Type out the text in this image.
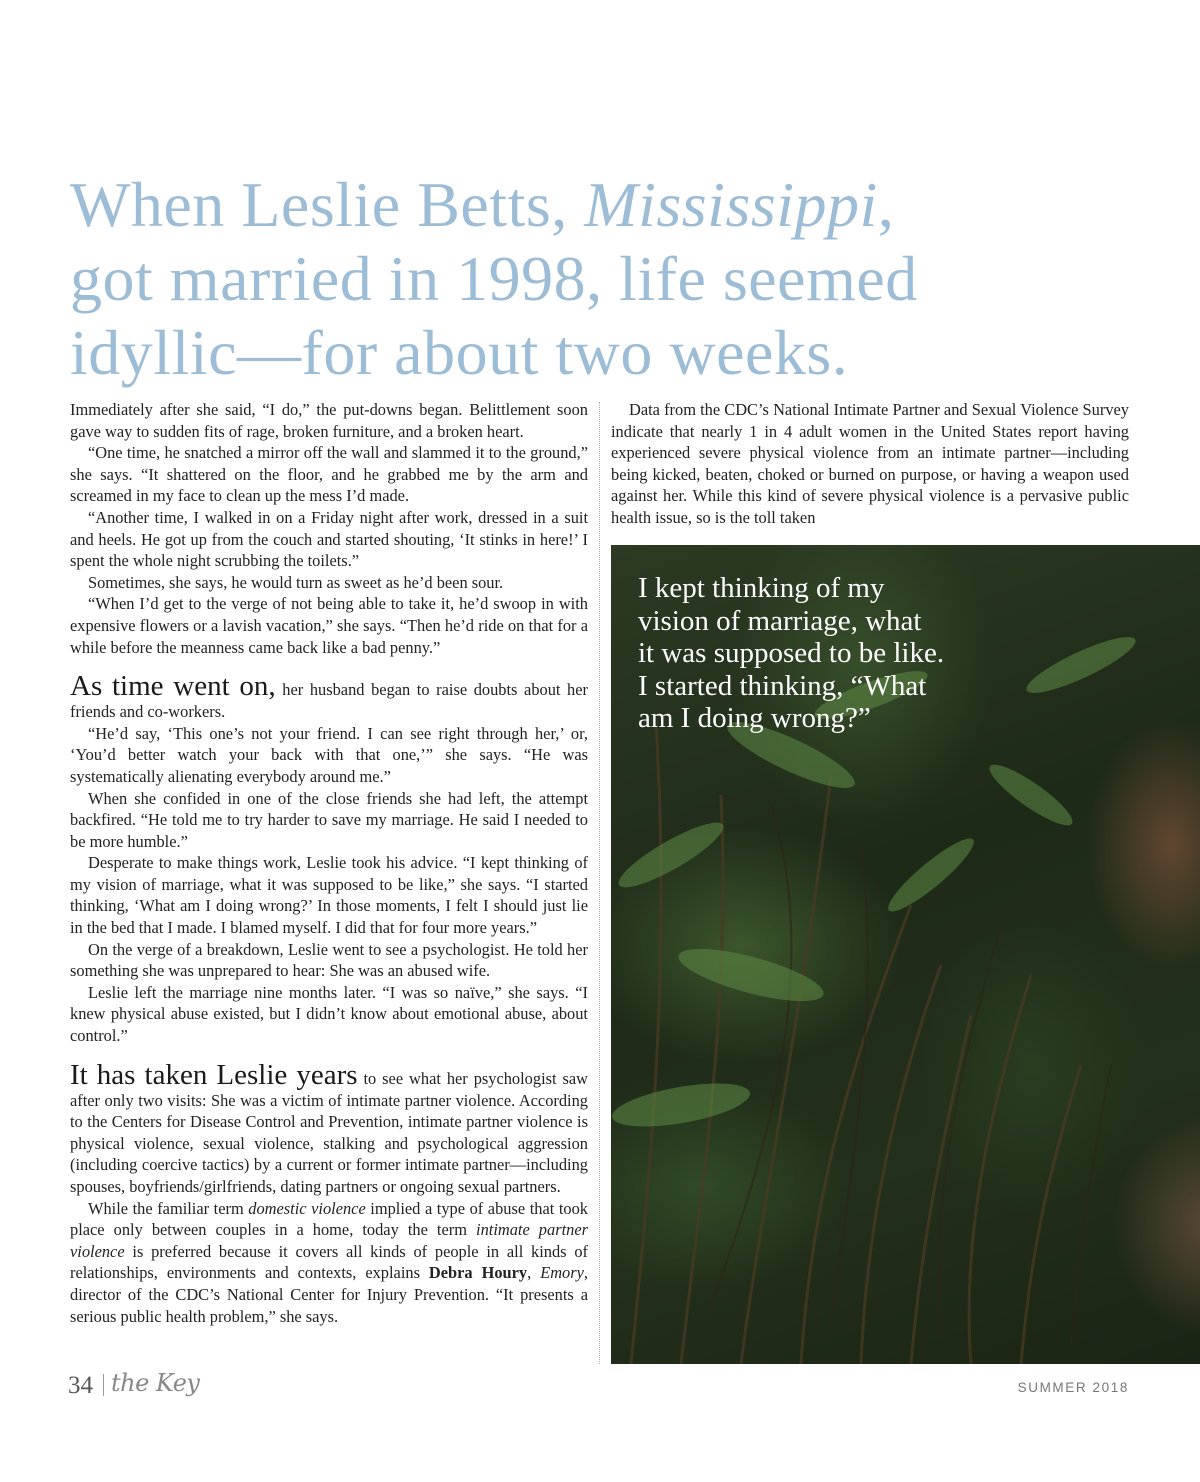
When Leslie Betts, Mississippi,
got married in 1998, life seemed
idyllic—for about two weeks.

Immediately after she said, “I do,” the put-downs began. Belittlement soon gave way to sudden fits of rage, broken furniture, and a broken heart.

“One time, he snatched a mirror off the wall and slammed it to the ground,” she says. “It shattered on the floor, and he grabbed me by the arm and screamed in my face to clean up the mess I’d made.

“Another time, I walked in on a Friday night after work, dressed in a suit and heels. He got up from the couch and started shouting, ‘It stinks in here!’ I spent the whole night scrubbing the toilets.”

Sometimes, she says, he would turn as sweet as he’d been sour.

“When I’d get to the verge of not being able to take it, he’d swoop in with expensive flowers or a lavish vacation,” she says. “Then he’d ride on that for a while before the meanness came back like a bad penny.”

As time went on, her husband began to raise doubts about her friends and co-workers.

“He’d say, ‘This one’s not your friend. I can see right through her,’ or, ‘You’d better watch your back with that one,’” she says. “He was systematically alienating everybody around me.”

When she confided in one of the close friends she had left, the attempt backfired. “He told me to try harder to save my marriage. He said I needed to be more humble.”

Desperate to make things work, Leslie took his advice. “I kept thinking of my vision of marriage, what it was supposed to be like,” she says. “I started thinking, ‘What am I doing wrong?’ In those moments, I felt I should just lie in the bed that I made. I blamed myself. I did that for four more years.”

On the verge of a breakdown, Leslie went to see a psychologist. He told her something she was unprepared to hear: She was an abused wife.

Leslie left the marriage nine months later. “I was so naïve,” she says. “I knew physical abuse existed, but I didn’t know about emotional abuse, about control.”

It has taken Leslie years to see what her psychologist saw after only two visits: She was a victim of intimate partner violence. According to the Centers for Disease Control and Prevention, intimate partner violence is physical violence, sexual violence, stalking and psychological aggression (including coercive tactics) by a current or former intimate partner—including spouses, boyfriends/girlfriends, dating partners or ongoing sexual partners.

While the familiar term domestic violence implied a type of abuse that took place only between couples in a home, today the term intimate partner violence is preferred because it covers all kinds of people in all kinds of relationships, environments and contexts, explains Debra Houry, Emory, director of the CDC’s National Center for Injury Prevention. “It presents a serious public health problem,” she says.

Data from the CDC’s National Intimate Partner and Sexual Violence Survey indicate that nearly 1 in 4 adult women in the United States report having experienced severe physical violence from an intimate partner—including being kicked, beaten, choked or burned on purpose, or having a weapon used against her. While this kind of severe physical violence is a pervasive public health issue, so is the toll taken

I kept thinking of my
vision of marriage, what
it was supposed to be like.
I started thinking, “What
am I doing wrong?”

34 the Key	SUMMER 2018
